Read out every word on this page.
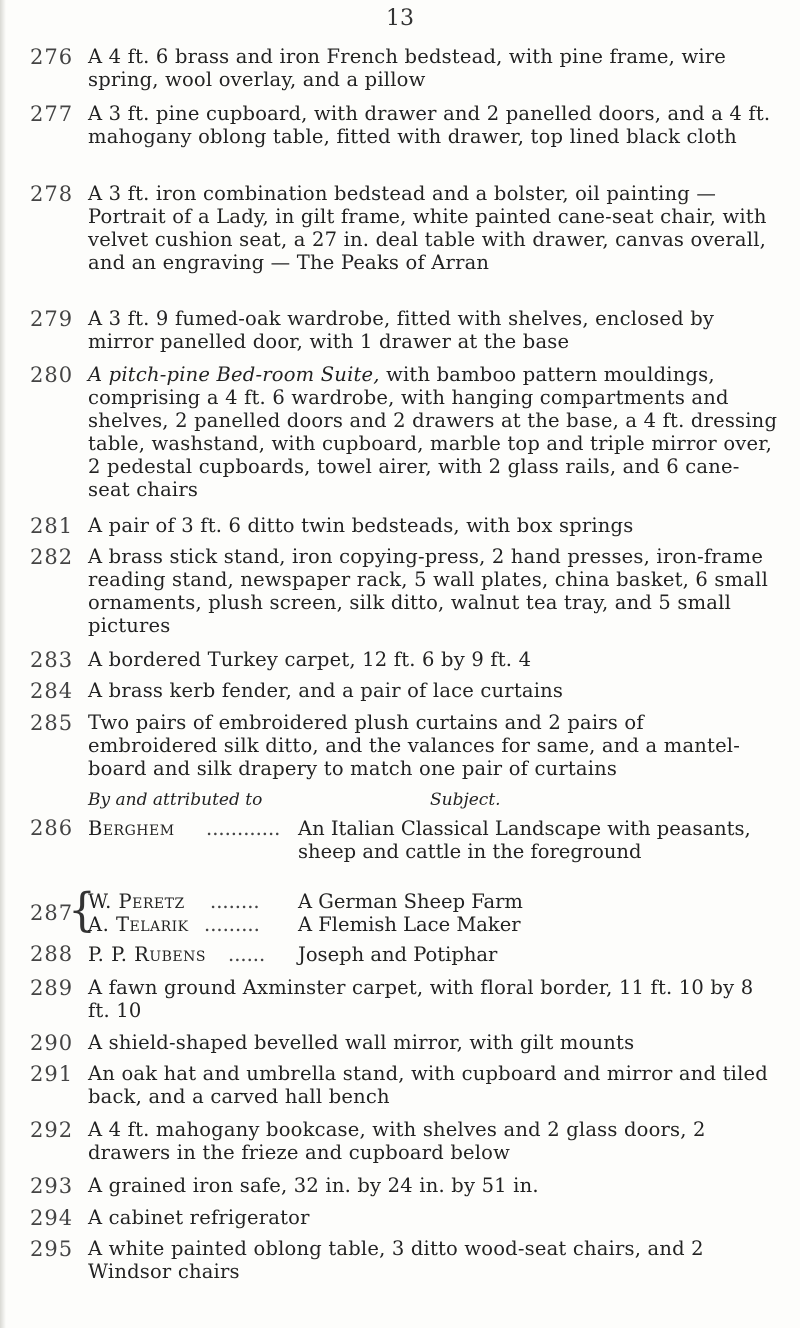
13
276 A 4 ft. 6 brass and iron French bedstead, with pine frame, wire spring, wool overlay, and a pillow
277 A 3 ft. pine cupboard, with drawer and 2 panelled doors, and a 4 ft. mahogany oblong table, fitted with drawer, top lined black cloth
278 A 3 ft. iron combination bedstead and a bolster, oil painting —Portrait of a Lady, in gilt frame, white painted cane-seat chair, with velvet cushion seat, a 27 in. deal table with drawer, canvas overall, and an engraving — The Peaks of Arran
279 A 3 ft. 9 fumed-oak wardrobe, fitted with shelves, enclosed by mirror panelled door, with 1 drawer at the base
280 A pitch-pine Bed-room Suite, with bamboo pattern mouldings, comprising a 4 ft. 6 wardrobe, with hanging compartments and shelves, 2 panelled doors and 2 drawers at the base, a 4 ft. dressing table, washstand, with cupboard, marble top and triple mirror over, 2 pedestal cupboards, towel airer, with 2 glass rails, and 6 cane-seat chairs
281 A pair of 3 ft. 6 ditto twin bedsteads, with box springs
282 A brass stick stand, iron copying-press, 2 hand presses, iron-frame reading stand, newspaper rack, 5 wall plates, china basket, 6 small ornaments, plush screen, silk ditto, walnut tea tray, and 5 small pictures
283 A bordered Turkey carpet, 12 ft. 6 by 9 ft. 4
284 A brass kerb fender, and a pair of lace curtains
285 Two pairs of embroidered plush curtains and 2 pairs of embroidered silk ditto, and the valances for same, and a mantel-board and silk drapery to match one pair of curtains
By and attributed to	Subject.
286 Berghem ............ An Italian Classical Landscape with peasants, sheep and cattle in the foreground
{
287 W. Peretz ........ A German Sheep Farm
A. Telarik ......... A Flemish Lace Maker
288 P. P. Rubens ...... Joseph and Potiphar
289 A fawn ground Axminster carpet, with floral border, 11 ft. 10 by 8 ft. 10
290 A shield-shaped bevelled wall mirror, with gilt mounts
291 An oak hat and umbrella stand, with cupboard and mirror and tiled back, and a carved hall bench
292 A 4 ft. mahogany bookcase, with shelves and 2 glass doors, 2 drawers in the frieze and cupboard below
293 A grained iron safe, 32 in. by 24 in. by 51 in.
294 A cabinet refrigerator
295 A white painted oblong table, 3 ditto wood-seat chairs, and 2 Windsor chairs
